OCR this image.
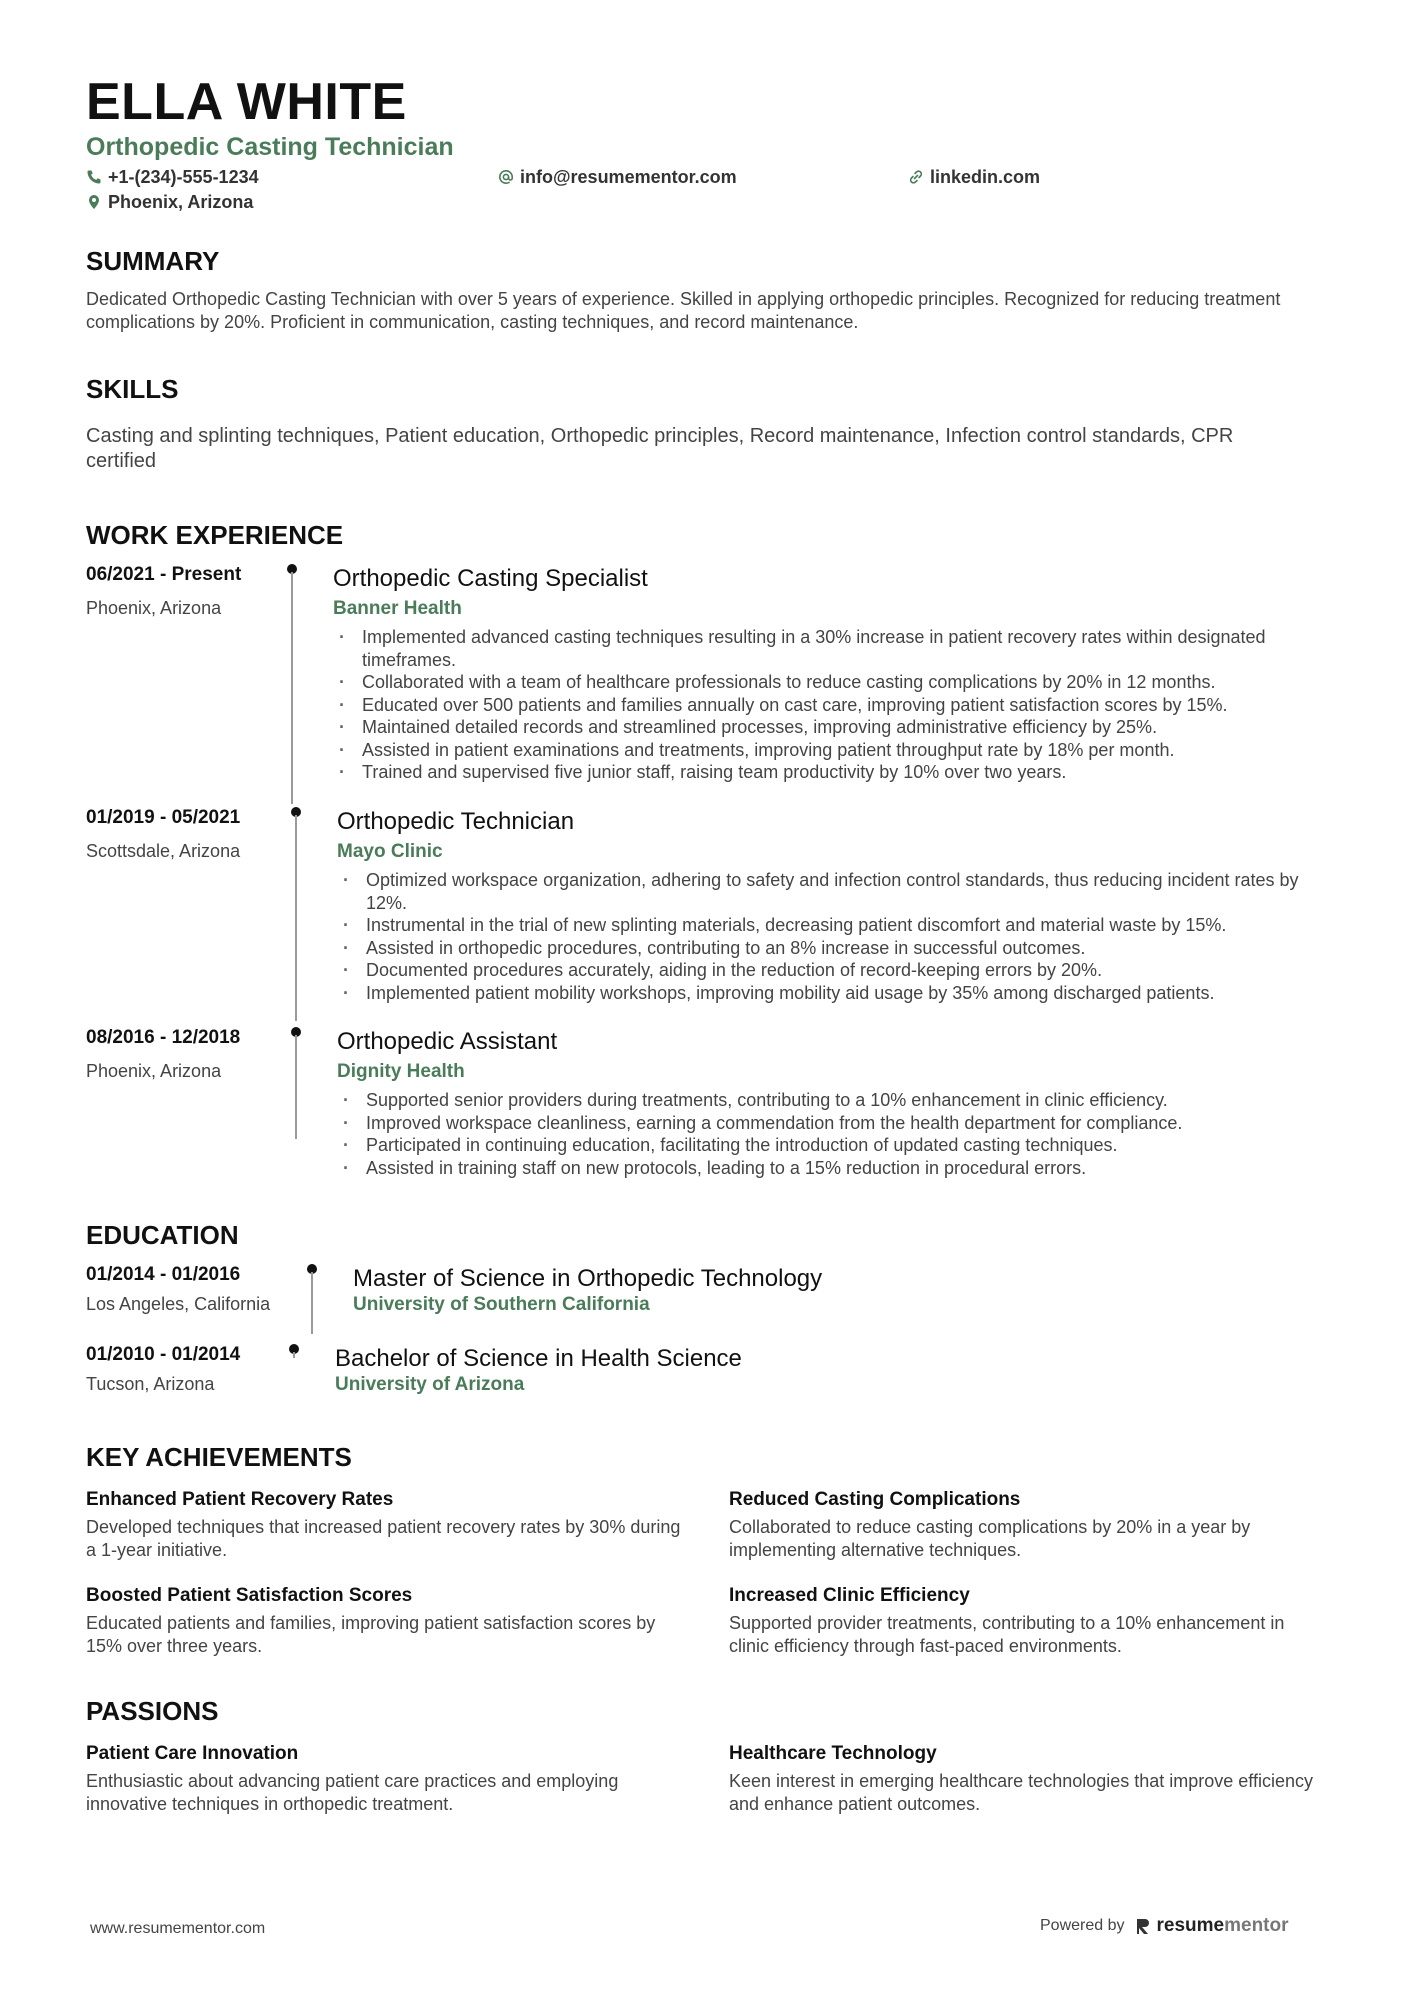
ELLA WHITE
Orthopedic Casting Technician
+1-(234)-555-1234	info@resumementor.com	linkedin.com
Phoenix, Arizona
SUMMARY

Dedicated Orthopedic Casting Technician with over 5 years of experience. Skilled in applying orthopedic principles. Recognized for reducing treatment complications by 20%. Proficient in communication, casting techniques, and record maintenance.

SKILLS

Casting and splinting techniques, Patient education, Orthopedic principles, Record maintenance, Infection control standards, CPR certified

WORK EXPERIENCE
06/2021 - Present
Phoenix, Arizona
Orthopedic Casting Specialist
Banner Health
· Implemented advanced casting techniques resulting in a 30% increase in patient recovery rates within designated timeframes.
· Collaborated with a team of healthcare professionals to reduce casting complications by 20% in 12 months.
· Educated over 500 patients and families annually on cast care, improving patient satisfaction scores by 15%.
· Maintained detailed records and streamlined processes, improving administrative efficiency by 25%.
· Assisted in patient examinations and treatments, improving patient throughput rate by 18% per month.
· Trained and supervised five junior staff, raising team productivity by 10% over two years.
01/2019 - 05/2021
Scottsdale, Arizona
Orthopedic Technician
Mayo Clinic
· Optimized workspace organization, adhering to safety and infection control standards, thus reducing incident rates by 12%.
· Instrumental in the trial of new splinting materials, decreasing patient discomfort and material waste by 15%.
· Assisted in orthopedic procedures, contributing to an 8% increase in successful outcomes.
· Documented procedures accurately, aiding in the reduction of record-keeping errors by 20%.
· Implemented patient mobility workshops, improving mobility aid usage by 35% among discharged patients.
08/2016 - 12/2018
Phoenix, Arizona
Orthopedic Assistant
Dignity Health
· Supported senior providers during treatments, contributing to a 10% enhancement in clinic efficiency.
· Improved workspace cleanliness, earning a commendation from the health department for compliance.
· Participated in continuing education, facilitating the introduction of updated casting techniques.
· Assisted in training staff on new protocols, leading to a 15% reduction in procedural errors.
EDUCATION
01/2014 - 01/2016
Los Angeles, California
Master of Science in Orthopedic Technology
University of Southern California
01/2010 - 01/2014
Tucson, Arizona
Bachelor of Science in Health Science
University of Arizona
KEY ACHIEVEMENTS
Enhanced Patient Recovery Rates
Developed techniques that increased patient recovery rates by 30% during a 1-year initiative.
Reduced Casting Complications
Collaborated to reduce casting complications by 20% in a year by implementing alternative techniques.
Boosted Patient Satisfaction Scores
Educated patients and families, improving patient satisfaction scores by 15% over three years.
Increased Clinic Efficiency
Supported provider treatments, contributing to a 10% enhancement in clinic efficiency through fast-paced environments.
PASSIONS
Patient Care Innovation
Enthusiastic about advancing patient care practices and employing innovative techniques in orthopedic treatment.
Healthcare Technology
Keen interest in emerging healthcare technologies that improve efficiency and enhance patient outcomes.
www.resumementor.com	Powered by resume mentor
